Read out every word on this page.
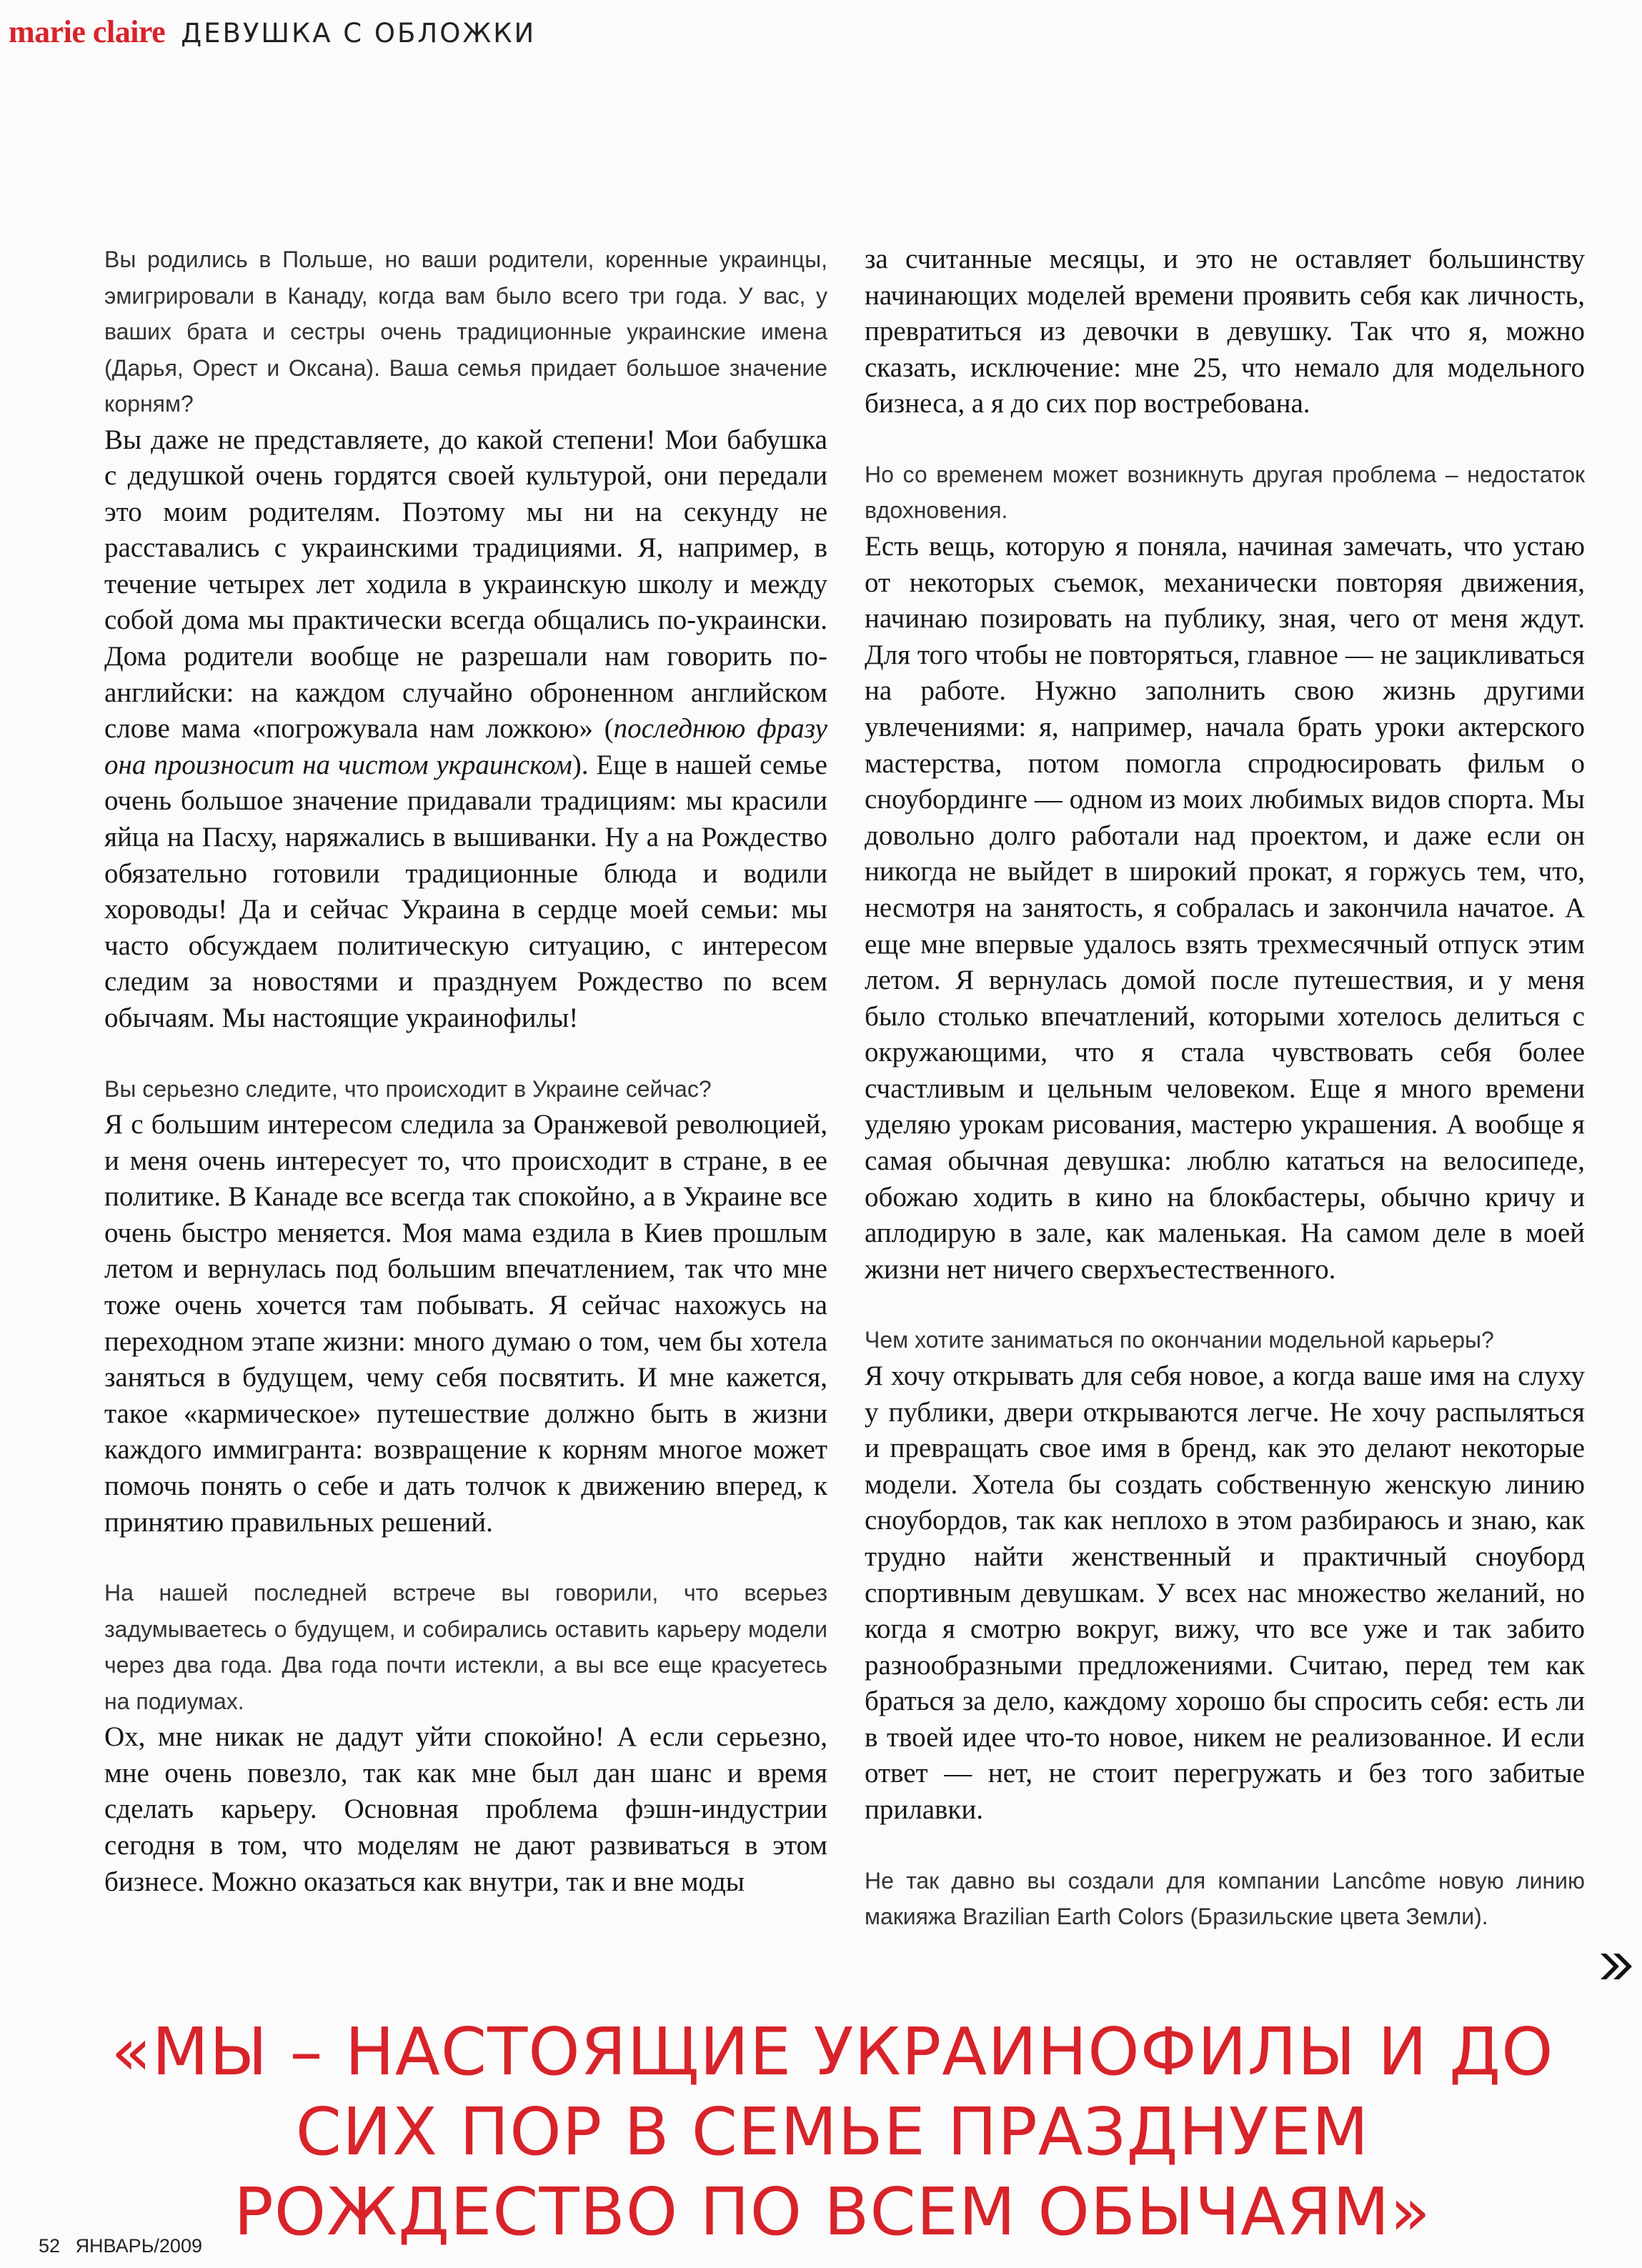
marie claire ДЕВУШКА С ОБЛОЖКИ

Вы родились в Польше, но ваши родители, коренные украинцы, эмигрировали в Канаду, когда вам было всего три года. У вас, у ваших брата и сестры очень традиционные украинские имена (Дарья, Орест и Оксана). Ваша семья придает большое значение корням?

Вы даже не представляете, до какой степени! Мои бабушка с дедушкой очень гордятся своей культурой, они передали это моим родителям. Поэтому мы ни на секунду не расставались с украинскими традициями. Я, например, в течение четырех лет ходила в украинскую школу и между собой дома мы практически всегда общались по-украински. Дома родители вообще не разрешали нам говорить по-английски: на каждом случайно оброненном английском слове мама «погрожувала нам ложкою» (последнюю фразу она произносит на чистом украинском). Еще в нашей семье очень большое значение придавали традициям: мы красили яйца на Пасху, наряжались в вышиванки. Ну а на Рождество обязательно готовили традиционные блюда и водили хороводы! Да и сейчас Украина в сердце моей семьи: мы часто обсуждаем политическую ситуацию, с интересом следим за новостями и празднуем Рождество по всем обычаям. Мы настоящие украинофилы!

Вы серьезно следите, что происходит в Украине сейчас?

Я с большим интересом следила за Оранжевой революцией, и меня очень интересует то, что происходит в стране, в ее политике. В Канаде все всегда так спокойно, а в Украине все очень быстро меняется. Моя мама ездила в Киев прошлым летом и вернулась под большим впечатлением, так что мне тоже очень хочется там побывать. Я сейчас нахожусь на переходном этапе жизни: много думаю о том, чем бы хотела заняться в будущем, чему себя посвятить. И мне кажется, такое «кармическое» путешествие должно быть в жизни каждого иммигранта: возвращение к корням многое может помочь понять о себе и дать толчок к движению вперед, к принятию правильных решений.

На нашей последней встрече вы говорили, что всерьез задумываетесь о будущем, и собирались оставить карьеру модели через два года. Два года почти истекли, а вы все еще красуетесь на подиумах.

Ох, мне никак не дадут уйти спокойно! А если серьезно, мне очень повезло, так как мне был дан шанс и время сделать карьеру. Основная проблема фэшн-индустрии сегодня в том, что моделям не дают развиваться в этом бизнесе. Можно оказаться как внутри, так и вне моды

за считанные месяцы, и это не оставляет большинству начинающих моделей времени проявить себя как личность, превратиться из девочки в девушку. Так что я, можно сказать, исключение: мне 25, что немало для модельного бизнеса, а я до сих пор востребована.

Но со временем может возникнуть другая проблема – недостаток вдохновения.

Есть вещь, которую я поняла, начиная замечать, что устаю от некоторых съемок, механически повторяя движения, начинаю позировать на публику, зная, чего от меня ждут. Для того чтобы не повторяться, главное — не зацикливаться на работе. Нужно заполнить свою жизнь другими увлечениями: я, например, начала брать уроки актерского мастерства, потом помогла спродюсировать фильм о сноубординге — одном из моих любимых видов спорта. Мы довольно долго работали над проектом, и даже если он никогда не выйдет в широкий прокат, я горжусь тем, что, несмотря на занятость, я собралась и закончила начатое. А еще мне впервые удалось взять трехмесячный отпуск этим летом. Я вернулась домой после путешествия, и у меня было столько впечатлений, которыми хотелось делиться с окружающими, что я стала чувствовать себя более счастливым и цельным человеком. Еще я много времени уделяю урокам рисования, мастерю украшения. А вообще я самая обычная девушка: люблю кататься на велосипеде, обожаю ходить в кино на блокбастеры, обычно кричу и аплодирую в зале, как маленькая. На самом деле в моей жизни нет ничего сверхъестественного.

Чем хотите заниматься по окончании модельной карьеры?

Я хочу открывать для себя новое, а когда ваше имя на слуху у публики, двери открываются легче. Не хочу распыляться и превращать свое имя в бренд, как это делают некоторые модели. Хотела бы создать собственную женскую линию сноубордов, так как неплохо в этом разбираюсь и знаю, как трудно найти женственный и практичный сноуборд спортивным девушкам. У всех нас множество желаний, но когда я смотрю вокруг, вижу, что все уже и так забито разнообразными предложениями. Считаю, перед тем как браться за дело, каждому хорошо бы спросить себя: есть ли в твоей идее что-то новое, никем не реализованное. И если ответ — нет, не стоит перегружать и без того забитые прилавки.

Не так давно вы создали для компании Lancôme новую линию макияжа Brazilian Earth Colors (Бразильские цвета Земли).

«МЫ – НАСТОЯЩИЕ УКРАИНОФИЛЫ И ДО СИХ ПОР В СЕМЬЕ ПРАЗДНУЕМ РОЖДЕСТВО ПО ВСЕМ ОБЫЧАЯМ»
52 ЯНВАРЬ/2009
